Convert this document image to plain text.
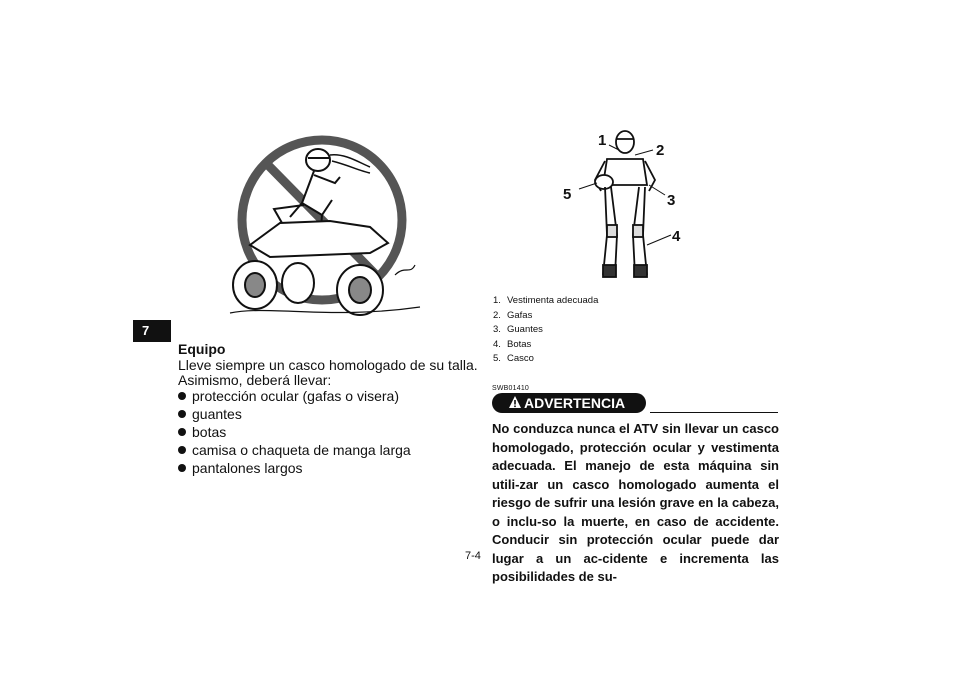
7
1
2
3
4
5
Equipo
Lleve siempre un casco homologado de su talla.
Asimismo, deberá llevar:
protección ocular (gafas o visera)
guantes
botas
camisa o chaqueta de manga larga
pantalones largos
1. Vestimenta adecuada
2. Gafas
3. Guantes
4. Botas
5. Casco
SWB01410
ADVERTENCIA

No conduzca nunca el ATV sin llevar un casco homologado, protección ocular y vestimenta adecuada. El manejo de esta máquina sin utili-zar un casco homologado aumenta el riesgo de sufrir una lesión grave en la cabeza, o inclu-so la muerte, en caso de accidente. Conducir sin protección ocular puede dar lugar a un ac-cidente e incrementa las posibilidades de su-

7-4
